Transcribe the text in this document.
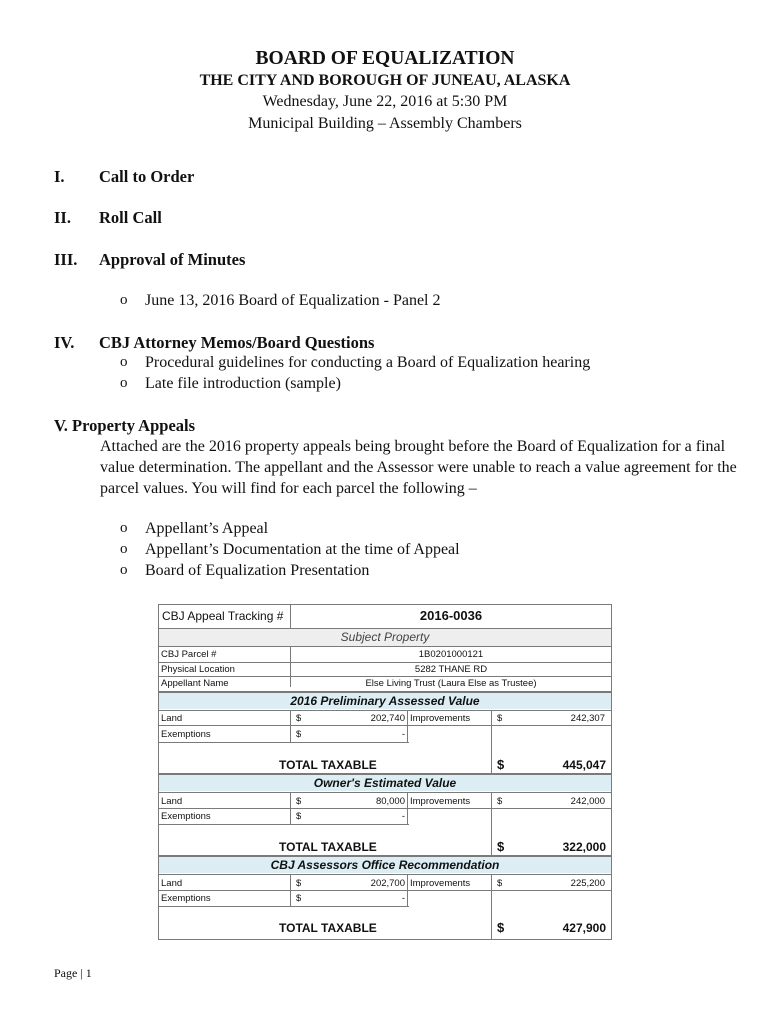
BOARD OF EQUALIZATION
THE CITY AND BOROUGH OF JUNEAU, ALASKA
Wednesday, June 22, 2016 at 5:30 PM
Municipal Building – Assembly Chambers
I. Call to Order
II. Roll Call
III. Approval of Minutes
o June 13, 2016 Board of Equalization - Panel 2
IV. CBJ Attorney Memos/Board Questions
o Procedural guidelines for conducting a Board of Equalization hearing
o Late file introduction (sample)
V. Property Appeals
Attached are the 2016 property appeals being brought before the Board of Equalization for a final value determination. The appellant and the Assessor were unable to reach a value agreement for the parcel values. You will find for each parcel the following –
o Appellant’s Appeal
o Appellant’s Documentation at the time of Appeal
o Board of Equalization Presentation
CBJ Appeal Tracking #	2016-0036
Subject Property
CBJ Parcel #	1B0201000121
Physical Location	5282 THANE RD
Appellant Name	Else Living Trust (Laura Else as Trustee)
2016 Preliminary Assessed Value
Land	$	202,740 Improvements	$	242,307
Exemptions	$	-
TOTAL TAXABLE	$	445,047
Owner's Estimated Value
Land	$	80,000 Improvements	$	242,000
Exemptions	$	-
TOTAL TAXABLE	$	322,000
CBJ Assessors Office Recommendation
Land	$	202,700 Improvements	$	225,200
Exemptions	$	-
TOTAL TAXABLE	$	427,900
Page | 1
